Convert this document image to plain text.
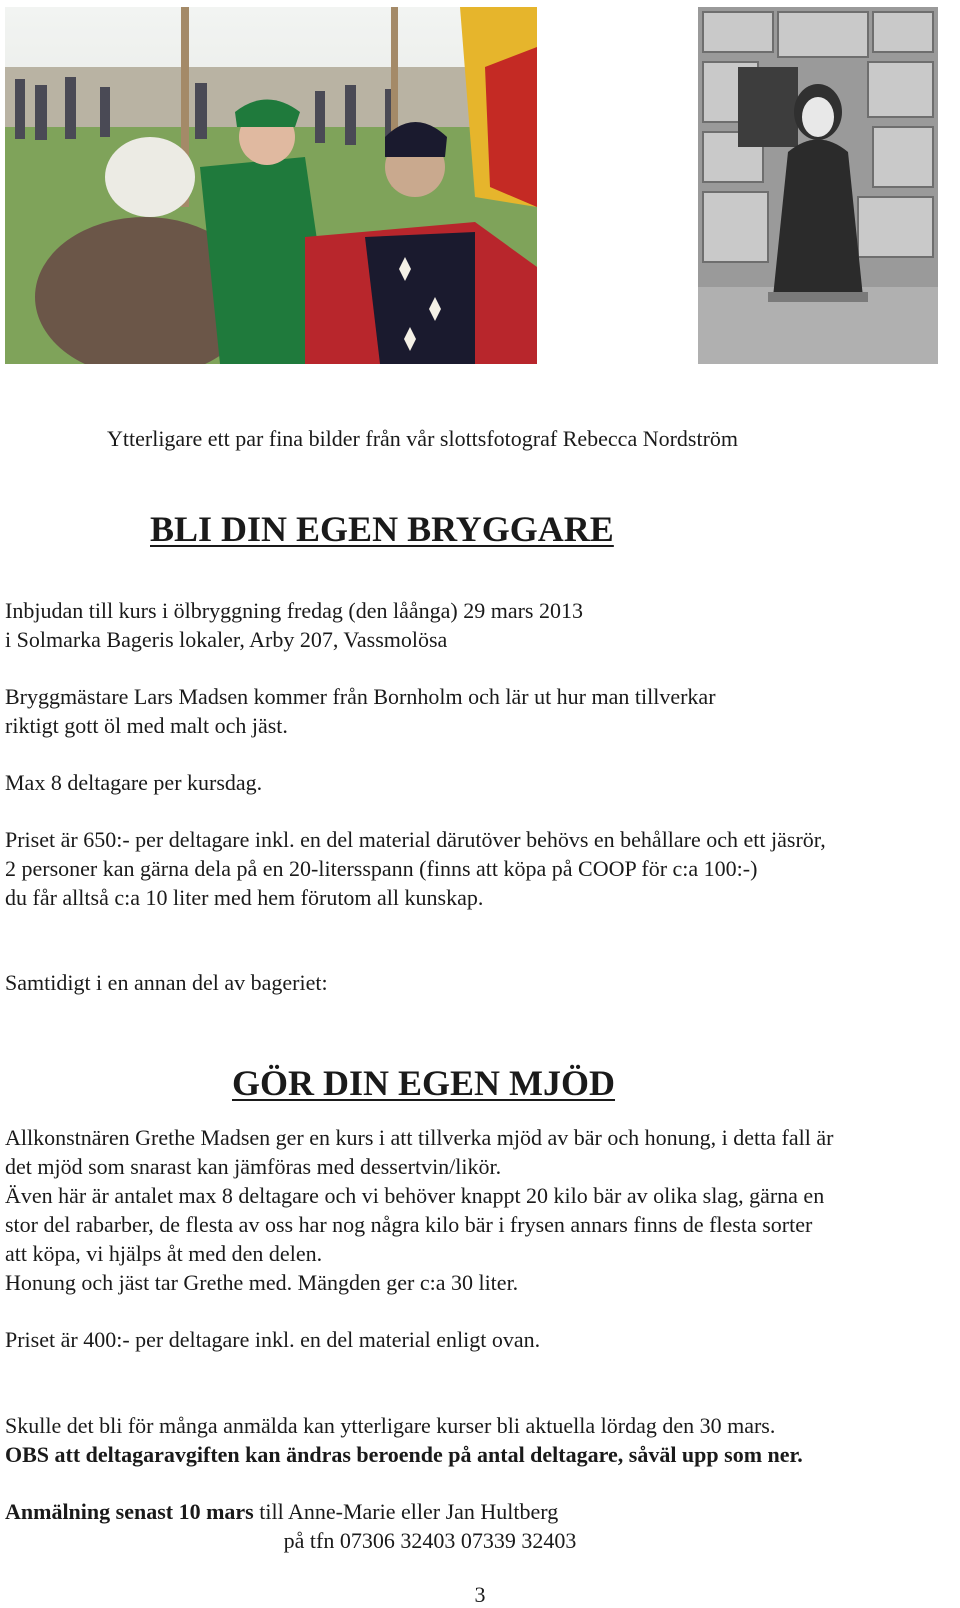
Ytterligare ett par fina bilder från vår slottsfotograf Rebecca Nordström
BLI DIN EGEN BRYGGARE
Inbjudan till kurs i ölbryggning fredag (den låånga) 29 mars 2013
i Solmarka Bageris lokaler, Arby 207, Vassmolösa
Bryggmästare Lars Madsen kommer från Bornholm och lär ut hur man tillverkar
riktigt gott öl med malt och jäst.
Max 8 deltagare per kursdag.
Priset är 650:- per deltagare inkl. en del material därutöver behövs en behållare och ett jäsrör,
2 personer kan gärna dela på en 20-litersspann (finns att köpa på COOP för c:a 100:-)
du får alltså c:a 10 liter med hem förutom all kunskap.
Samtidigt i en annan del av bageriet:
GÖR DIN EGEN MJÖD
Allkonstnären Grethe Madsen ger en kurs i att tillverka mjöd av bär och honung, i detta fall är
det mjöd som snarast kan jämföras med dessertvin/likör.
Även här är antalet max 8 deltagare och vi behöver knappt 20 kilo bär av olika slag, gärna en
stor del rabarber, de flesta av oss har nog några kilo bär i frysen annars finns de flesta sorter
att köpa, vi hjälps åt med den delen.
Honung och jäst tar Grethe med. Mängden ger c:a 30 liter.
Priset är 400:- per deltagare inkl. en del material enligt ovan.
Skulle det bli för många anmälda kan ytterligare kurser bli aktuella lördag den 30 mars.
OBS att deltagaravgiften kan ändras beroende på antal deltagare, såväl upp som ner.
Anmälning senast 10 mars till Anne-Marie eller Jan Hultberg
på tfn 07306 32403 07339 32403
3
